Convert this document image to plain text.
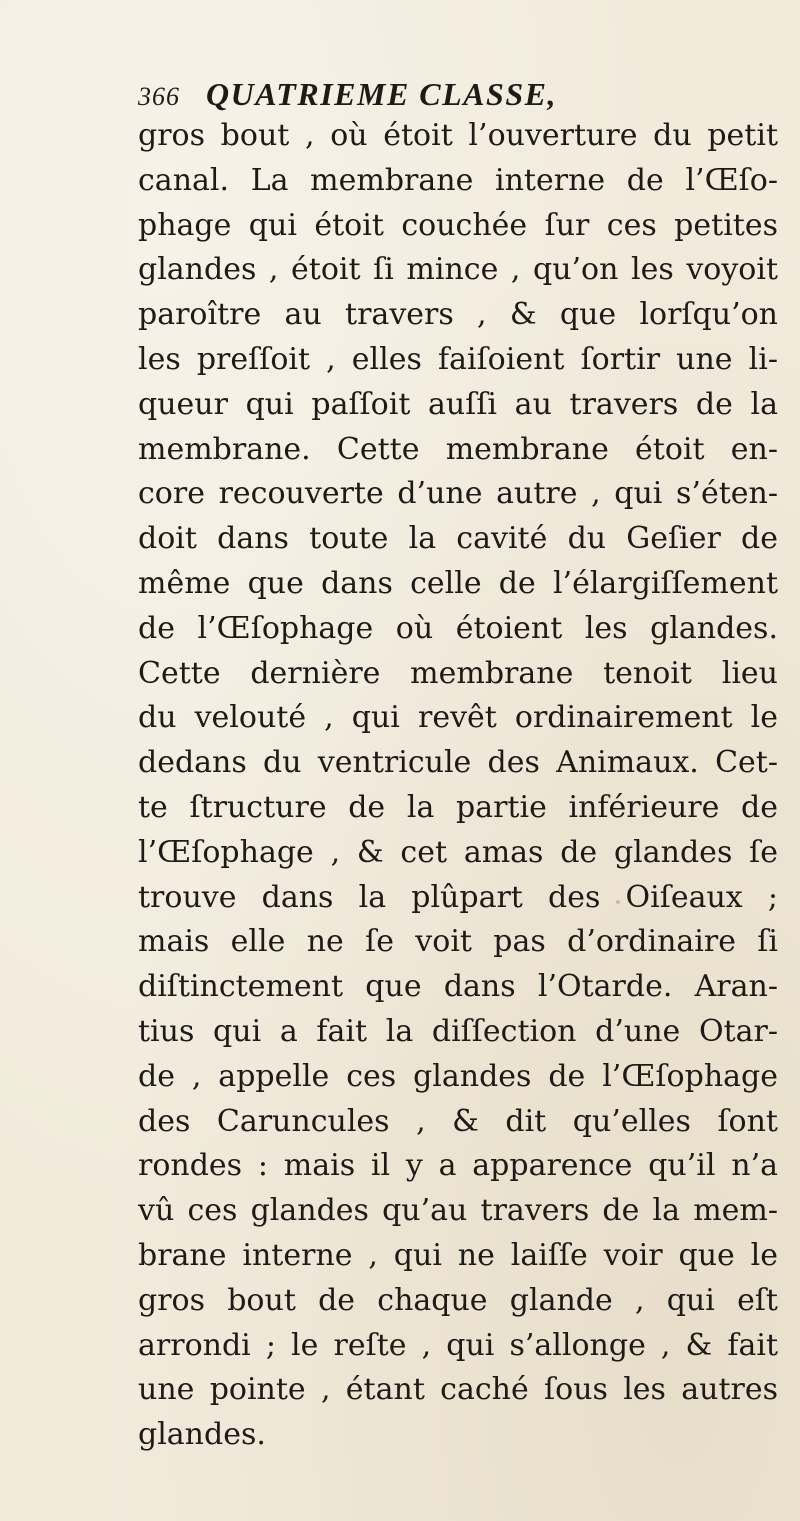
366 QUATRIEME CLASSE,
gros bout , où étoit l’ouverture du petit
canal. La membrane interne de l’Œſo-
phage qui étoit couchée ſur ces petites
glandes , étoit ſi mince , qu’on les voyoit
paroître au travers , & que lorſqu’on
les preſſoit , elles faiſoient ſortir une li-
queur qui paſſoit auſſi au travers de la
membrane. Cette membrane étoit en-
core recouverte d’une autre , qui s’éten-
doit dans toute la cavité du Geſier de
même que dans celle de l’élargiſſement
de l’Œſophage où étoient les glandes.
Cette dernière membrane tenoit lieu
du velouté , qui revêt ordinairement le
dedans du ventricule des Animaux. Cet-
te ſtructure de la partie inférieure de
l’Œſophage , & cet amas de glandes ſe
trouve dans la plûpart des Oiſeaux ;
mais elle ne ſe voit pas d’ordinaire ſi
diſtinctement que dans l’Otarde. Aran-
tius qui a fait la diſſection d’une Otar-
de , appelle ces glandes de l’Œſophage
des Caruncules , & dit qu’elles ſont
rondes : mais il y a apparence qu’il n’a
vû ces glandes qu’au travers de la mem-
brane interne , qui ne laiſſe voir que le
gros bout de chaque glande , qui eſt
arrondi ; le reſte , qui s’allonge , & fait
une pointe , étant caché ſous les autres
glandes.
